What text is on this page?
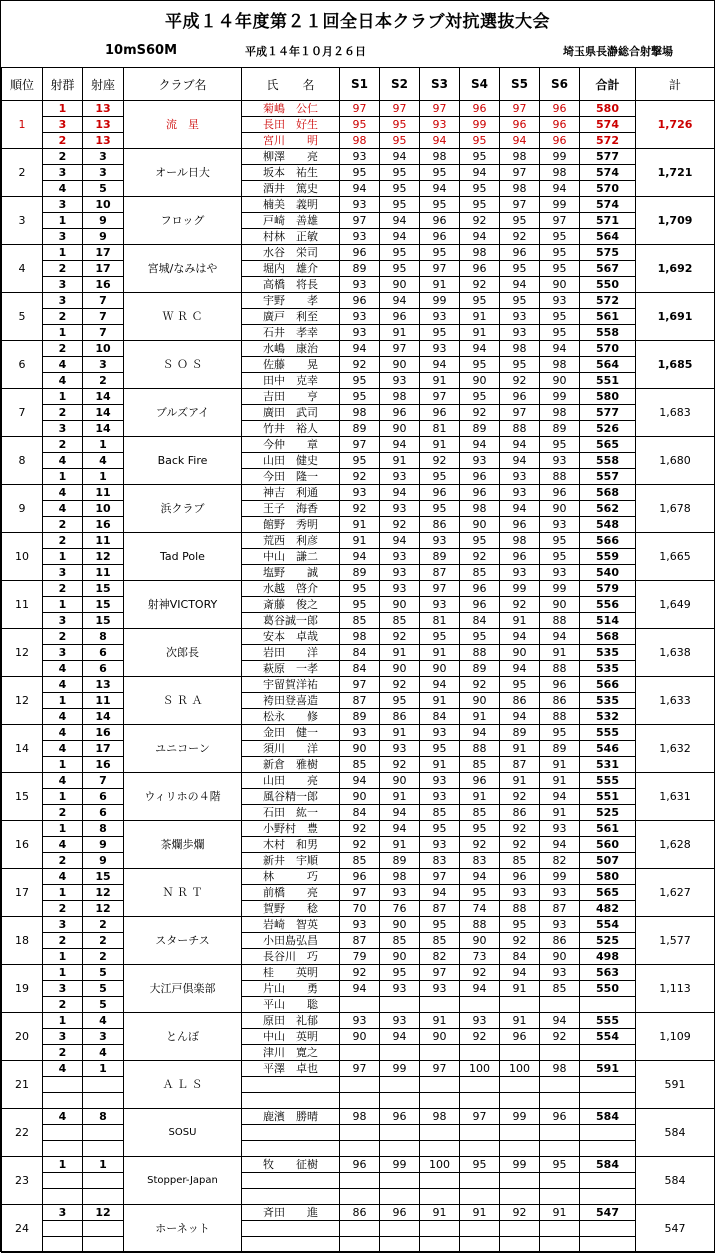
平成１４年度第２１回全日本クラブ対抗選抜大会
10mS60M	平成１４年１０月２６日	埼玉県長瀞総合射撃場
順位	射群	射座	クラブ名	氏　　名	S1	S2	S3	S4	S5	S6	合計	計
1	1	13	流　星	菊嶋　公仁	97	97	97	96	97	96	580	1,726
	3	13		長田　好生	95	95	93	99	96	96	574	
	2	13		宮川　　明	98	95	94	95	94	96	572	
2	2	3	オール日大	柳澤　　亮	93	94	98	95	98	99	577	1,721
	3	3		坂本　祐生	95	95	95	94	97	98	574	
	4	5		酒井　篤史	94	95	94	95	98	94	570	
3	3	10	フロッグ	楠美　義明	93	95	95	95	97	99	574	1,709
	1	9		戸崎　善雄	97	94	96	92	95	97	571	
	3	9		村林　正敏	93	94	96	94	92	95	564	
4	1	17	宮城/なみはや	水谷　栄司	96	95	95	98	96	95	575	1,692
	2	17		堀内　雄介	89	95	97	96	95	95	567	
	3	16		高橋　将長	93	90	91	92	94	90	550	
5	3	7	Ｗ Ｒ Ｃ	宇野　　孝	96	94	99	95	95	93	572	1,691
	2	7		廣戸　利至	93	96	93	91	93	95	561	
	1	7		石井　孝幸	93	91	95	91	93	95	558	
6	2	10	Ｓ Ｏ Ｓ	水嶋　康治	94	97	93	94	98	94	570	1,685
	4	3		佐藤　　晃	92	90	94	95	95	98	564	
	4	2		田中　克幸	95	93	91	90	92	90	551	
7	1	14	ブルズアイ	吉田　　亨	95	98	97	95	96	99	580	1,683
	2	14		廣田　武司	98	96	96	92	97	98	577	
	3	14		竹井　裕人	89	90	81	89	88	89	526	
8	2	1	Back Fire	今仲　　章	97	94	91	94	94	95	565	1,680
	4	4		山田　健史	95	91	92	93	94	93	558	
	1	1		今田　隆一	92	93	95	96	93	88	557	
9	4	11	浜クラブ	神吉　利通	93	94	96	96	93	96	568	1,678
	4	10		王子　海香	92	93	95	98	94	90	562	
	2	16		館野　秀明	91	92	86	90	96	93	548	
10	2	11	Tad Pole	荒西　利彦	91	94	93	95	98	95	566	1,665
	1	12		中山　謙二	94	93	89	92	96	95	559	
	3	11		塩野　　誠	89	93	87	85	93	93	540	
11	2	15	射神VICTORY	水越　啓介	95	93	97	96	99	99	579	1,649
	1	15		斎藤　俊之	95	90	93	96	92	90	556	
	3	15		葛谷誠一郎	85	85	81	84	91	88	514	
12	2	8	次郎長	安本　卓哉	98	92	95	95	94	94	568	1,638
	3	6		岩田　　洋	84	91	91	88	90	91	535	
	4	6		萩原　一孝	84	90	90	89	94	88	535	
12	4	13	Ｓ Ｒ Ａ	宇留賀洋祐	97	92	94	92	95	96	566	1,633
	1	11		袴田登喜造	87	95	91	90	86	86	535	
	4	14		松永　　修	89	86	84	91	94	88	532	
14	4	16	ユニコーン	金田　健一	93	91	93	94	89	95	555	1,632
	4	17		須川　　洋	90	93	95	88	91	89	546	
	1	16		新倉　雅樹	85	92	91	85	87	91	531	
15	4	7	ウィリホの４階	山田　　亮	94	90	93	96	91	91	555	1,631
	1	6		風谷精一郎	90	91	93	91	92	94	551	
	2	6		石田　紘一	84	94	85	85	86	91	525	
16	1	8	茶爛歩爛	小野村　豊	92	94	95	95	92	93	561	1,628
	4	9		木村　和男	92	91	93	92	92	94	560	
	2	9		新井　宇順	85	89	83	83	85	82	507	
17	4	15	Ｎ Ｒ Ｔ	林　　　巧	96	98	97	94	96	99	580	1,627
	1	12		前橋　　亮	97	93	94	95	93	93	565	
	2	12		賀野　　稔	70	76	87	74	88	87	482	
18	3	2	スターチス	岩崎　智英	93	90	95	88	95	93	554	1,577
	2	2		小田島弘昌	87	85	85	90	92	86	525	
	1	2		長谷川　巧	79	90	82	73	84	90	498	
19	1	5	大江戸倶楽部	桂　　英明	92	95	97	92	94	93	563	1,113
	3	5		片山　　勇	94	93	93	94	91	85	550	
	2	5		平山　　聡								
20	1	4	とんぼ	原田　礼郁	93	93	91	93	91	94	555	1,109
	3	3		中山　英明	90	94	90	92	96	92	554	
	2	4		津川　寛之								
21	4	1	Ａ Ｌ Ｓ	平澤　卓也	97	99	97	100	100	98	591	591

22	4	8	SOSU	鹿濱　勝晴	98	96	98	97	99	96	584	584

23	1	1	Stopper-Japan	牧　　征樹	96	99	100	95	99	95	584	584

24	3	12	ホーネット	斉田　　進	86	96	91	91	92	91	547	547
